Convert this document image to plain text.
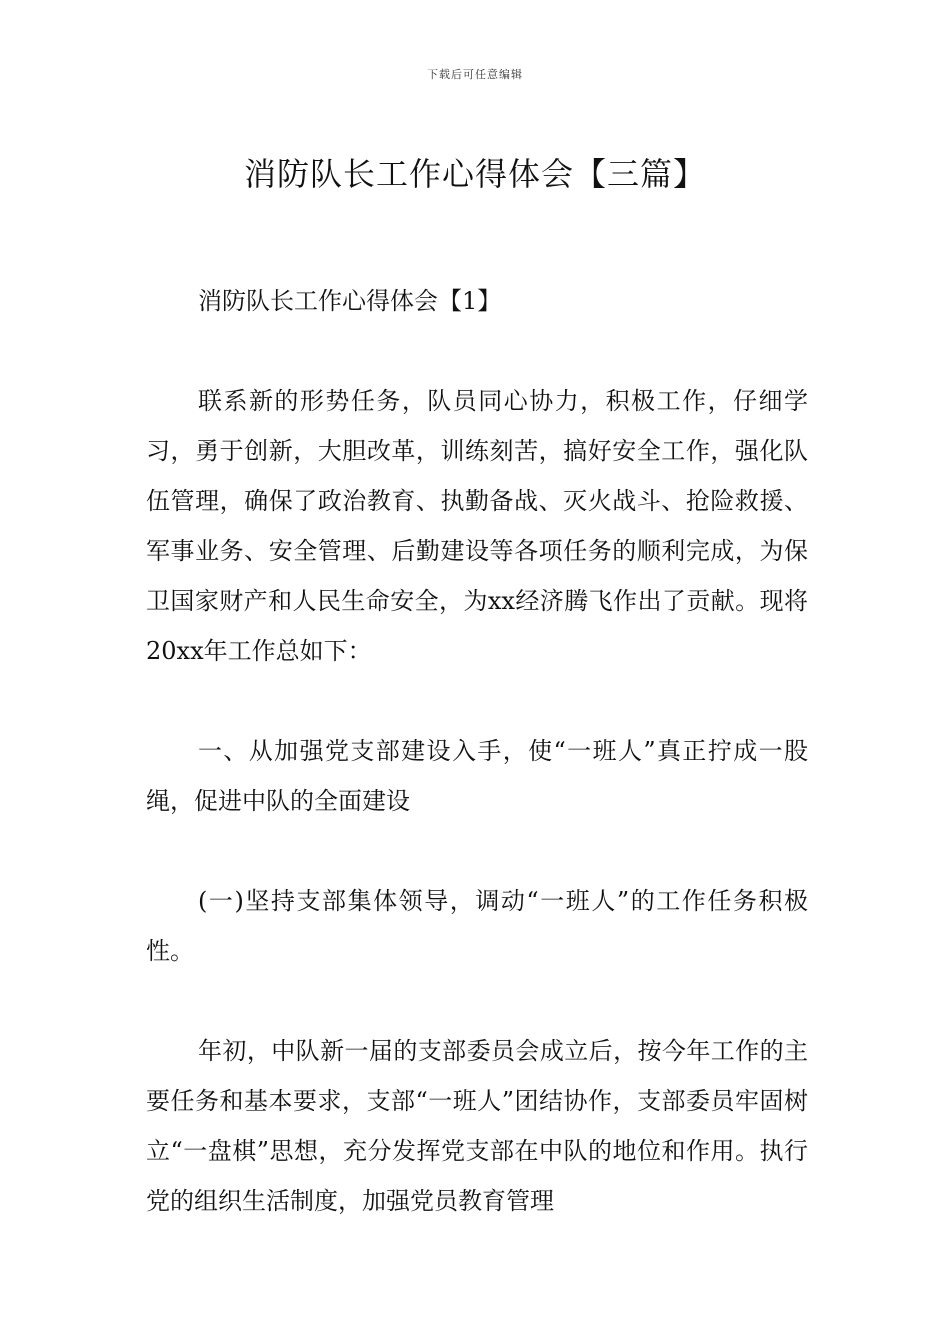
下载后可任意编辑
消防队长工作心得体会【三篇】

消防队长工作心得体会【1】

联系新的形势任务，队员同心协力，积极工作，仔细学习，勇于创新，大胆改革，训练刻苦，搞好安全工作，强化队伍管理，确保了政治教育、执勤备战、灭火战斗、抢险救援、军事业务、安全管理、后勤建设等各项任务的顺利完成，为保卫国家财产和人民生命安全，为xx经济腾飞作出了贡献。现将20xx年工作总如下：

一、从加强党支部建设入手，使“一班人”真正拧成一股绳，促进中队的全面建设

(一)坚持支部集体领导，调动“一班人”的工作任务积极性。

年初，中队新一届的支部委员会成立后，按今年工作的主要任务和基本要求，支部“一班人”团结协作，支部委员牢固树立“一盘棋”思想，充分发挥党支部在中队的地位和作用。执行党的组织生活制度，加强党员教育管理
